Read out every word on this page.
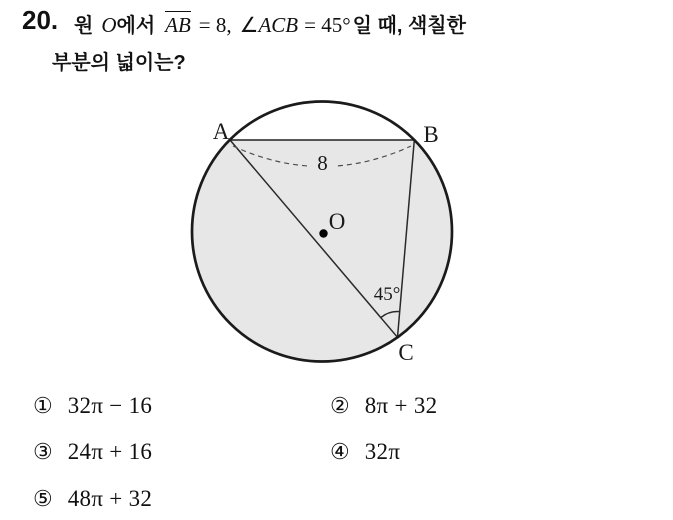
20. 원 O에서 AB = 8, ∠ACB = 45° 일 때, 색칠한
부분의 넓이는?
8
45°
O
A	B
C
① 32π − 16	② 8π + 32
③ 24π + 16	④ 32π
⑤ 48π + 32
